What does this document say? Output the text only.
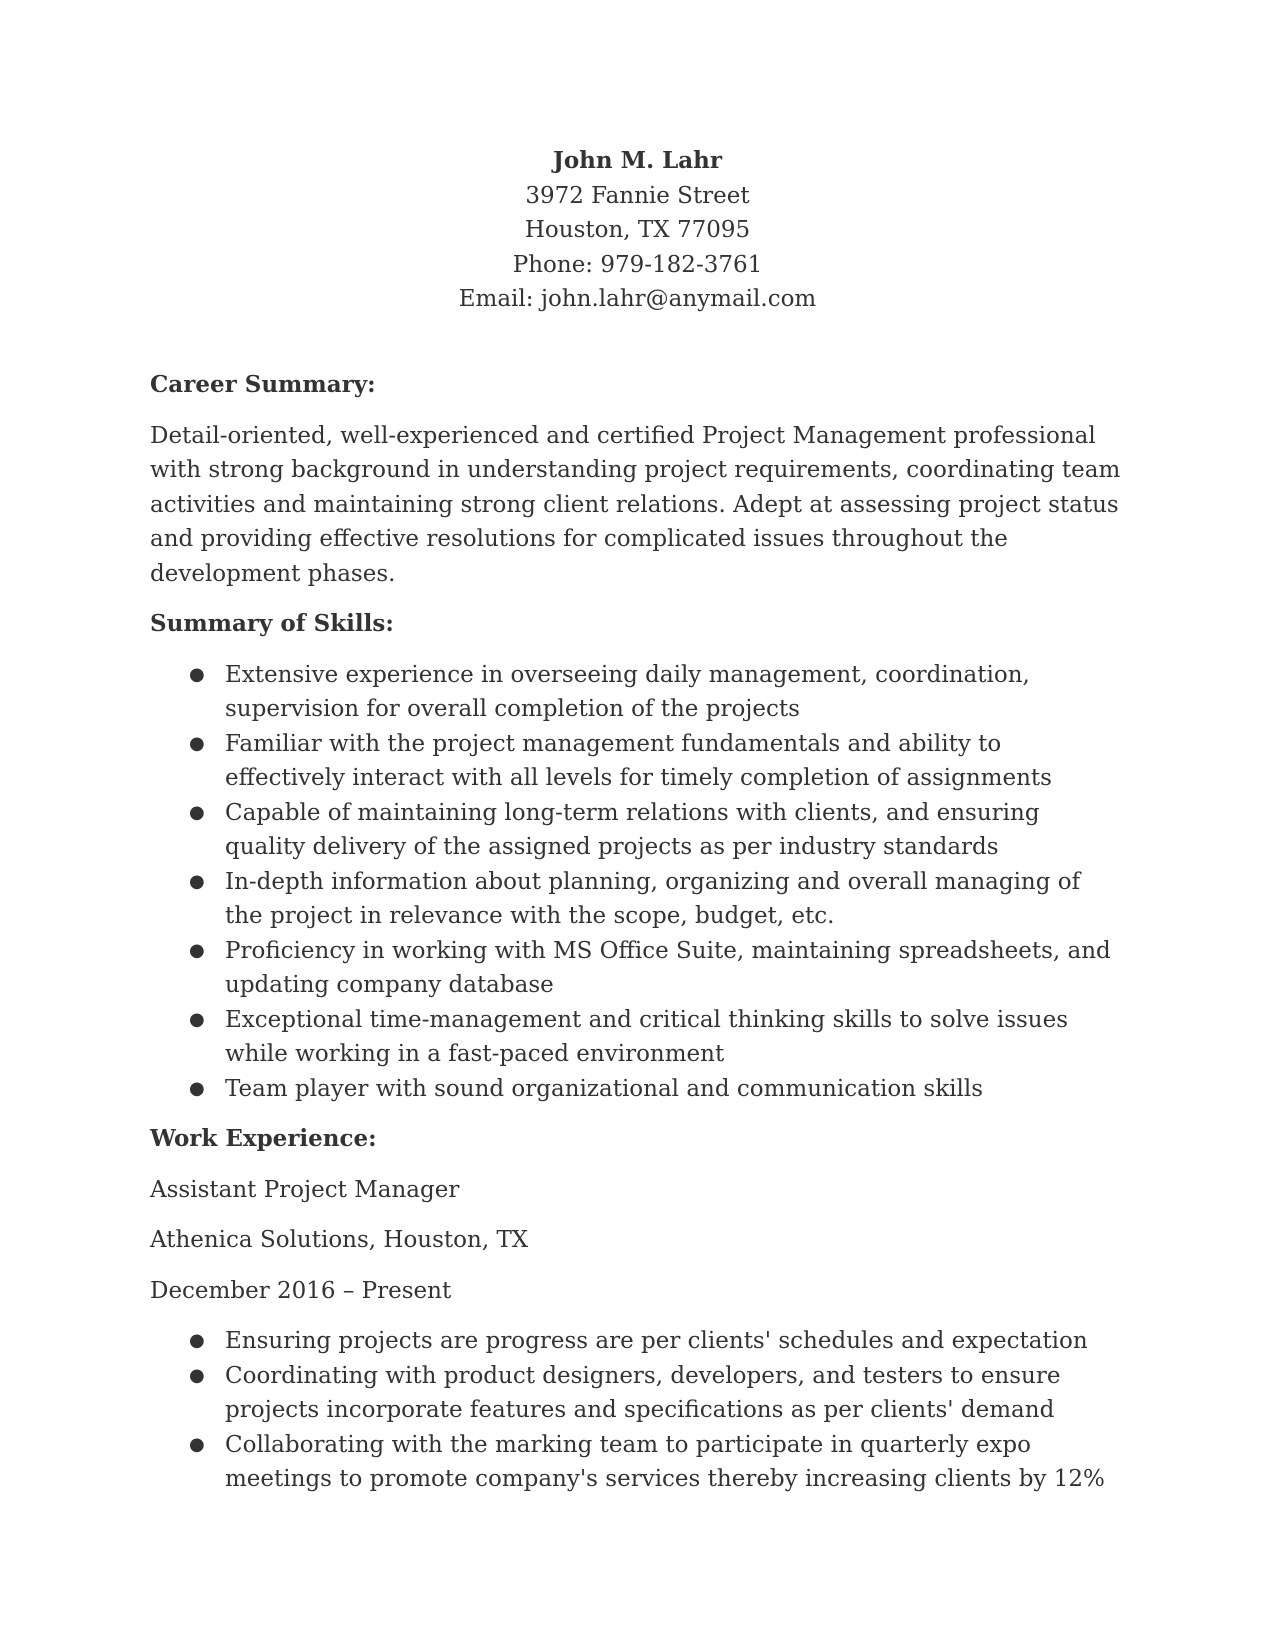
John M. Lahr
3972 Fannie Street
Houston, TX 77095
Phone: 979-182-3761
Email: john.lahr@anymail.com

Career Summary:

Detail-oriented, well-experienced and certified Project Management professional with strong background in understanding project requirements, coordinating team activities and maintaining strong client relations. Adept at assessing project status and providing effective resolutions for complicated issues throughout the development phases.

Summary of Skills:

● Extensive experience in overseeing daily management, coordination, supervision for overall completion of the projects
● Familiar with the project management fundamentals and ability to effectively interact with all levels for timely completion of assignments
● Capable of maintaining long-term relations with clients, and ensuring quality delivery of the assigned projects as per industry standards
● In-depth information about planning, organizing and overall managing of the project in relevance with the scope, budget, etc.
● Proficiency in working with MS Office Suite, maintaining spreadsheets, and updating company database
● Exceptional time-management and critical thinking skills to solve issues while working in a fast-paced environment
● Team player with sound organizational and communication skills

Work Experience:

Assistant Project Manager

Athenica Solutions, Houston, TX

December 2016 – Present

● Ensuring projects are progress are per clients' schedules and expectation
● Coordinating with product designers, developers, and testers to ensure projects incorporate features and specifications as per clients' demand
● Collaborating with the marking team to participate in quarterly expo meetings to promote company's services thereby increasing clients by 12%
